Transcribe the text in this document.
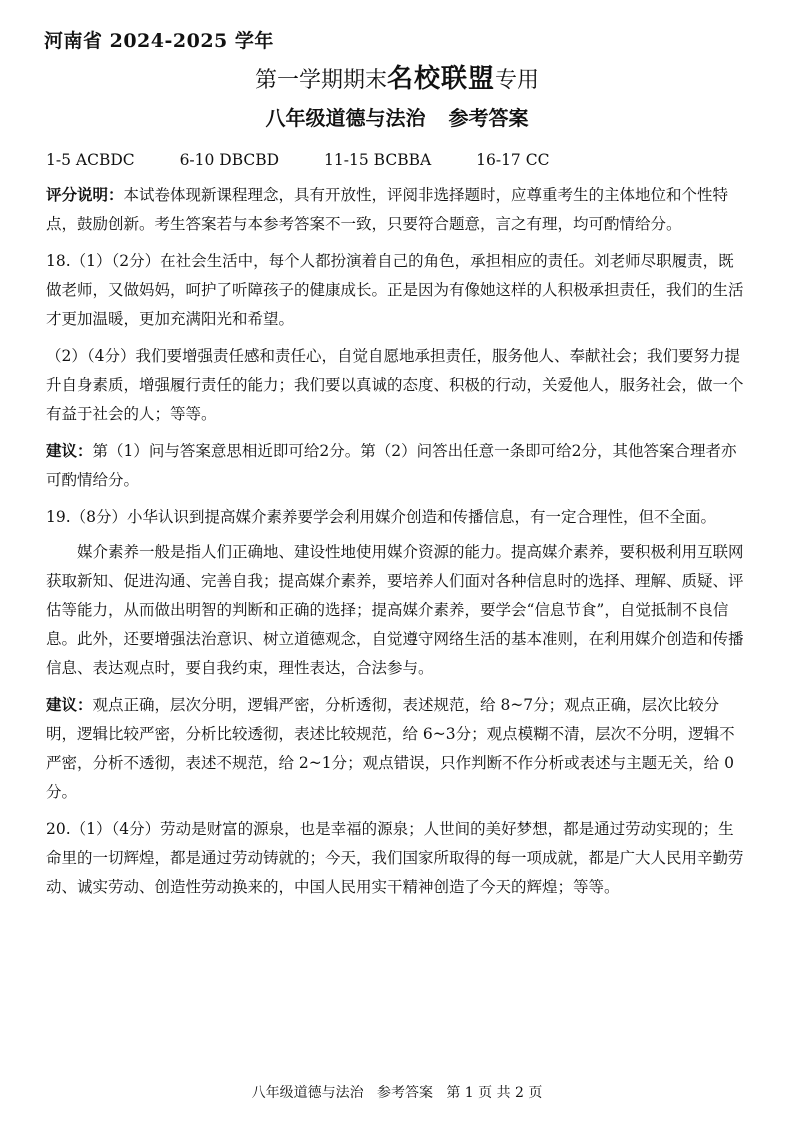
河南省 2024-2025 学年
第一学期期末名校联盟专用
八年级道德与法治 参考答案

1-5 ACBDC	6-10 DBCBD	11-15 BCBBA	16-17 CC

评分说明：本试卷体现新课程理念，具有开放性，评阅非选择题时，应尊重考生的主体地位和个性特点，鼓励创新。考生答案若与本参考答案不一致，只要符合题意，言之有理，均可酌情给分。

18.（1）（2分）在社会生活中，每个人都扮演着自己的角色，承担相应的责任。刘老师尽职履责，既做老师，又做妈妈，呵护了听障孩子的健康成长。正是因为有像她这样的人积极承担责任，我们的生活才更加温暖，更加充满阳光和希望。

（2）（4分）我们要增强责任感和责任心，自觉自愿地承担责任，服务他人、奉献社会；我们要努力提升自身素质，增强履行责任的能力；我们要以真诚的态度、积极的行动，关爱他人，服务社会，做一个有益于社会的人；等等。

建议：第（1）问与答案意思相近即可给2分。第（2）问答出任意一条即可给2分，其他答案合理者亦可酌情给分。

19.（8分）小华认识到提高媒介素养要学会利用媒介创造和传播信息，有一定合理性，但不全面。

媒介素养一般是指人们正确地、建设性地使用媒介资源的能力。提高媒介素养，要积极利用互联网获取新知、促进沟通、完善自我；提高媒介素养，要培养人们面对各种信息时的选择、理解、质疑、评估等能力，从而做出明智的判断和正确的选择；提高媒介素养，要学会“信息节食”，自觉抵制不良信息。此外，还要增强法治意识、树立道德观念，自觉遵守网络生活的基本准则，在利用媒介创造和传播信息、表达观点时，要自我约束，理性表达，合法参与。

建议：观点正确，层次分明，逻辑严密，分析透彻，表述规范，给 8~7分；观点正确，层次比较分明，逻辑比较严密，分析比较透彻，表述比较规范，给 6~3分；观点模糊不清，层次不分明，逻辑不严密，分析不透彻，表述不规范，给 2~1分；观点错误，只作判断不作分析或表述与主题无关，给 0分。

20.（1）（4分）劳动是财富的源泉，也是幸福的源泉；人世间的美好梦想，都是通过劳动实现的；生命里的一切辉煌，都是通过劳动铸就的；今天，我们国家所取得的每一项成就，都是广大人民用辛勤劳动、诚实劳动、创造性劳动换来的，中国人民用实干精神创造了今天的辉煌；等等。

八年级道德与法治 参考答案 第 1 页 共 2 页
